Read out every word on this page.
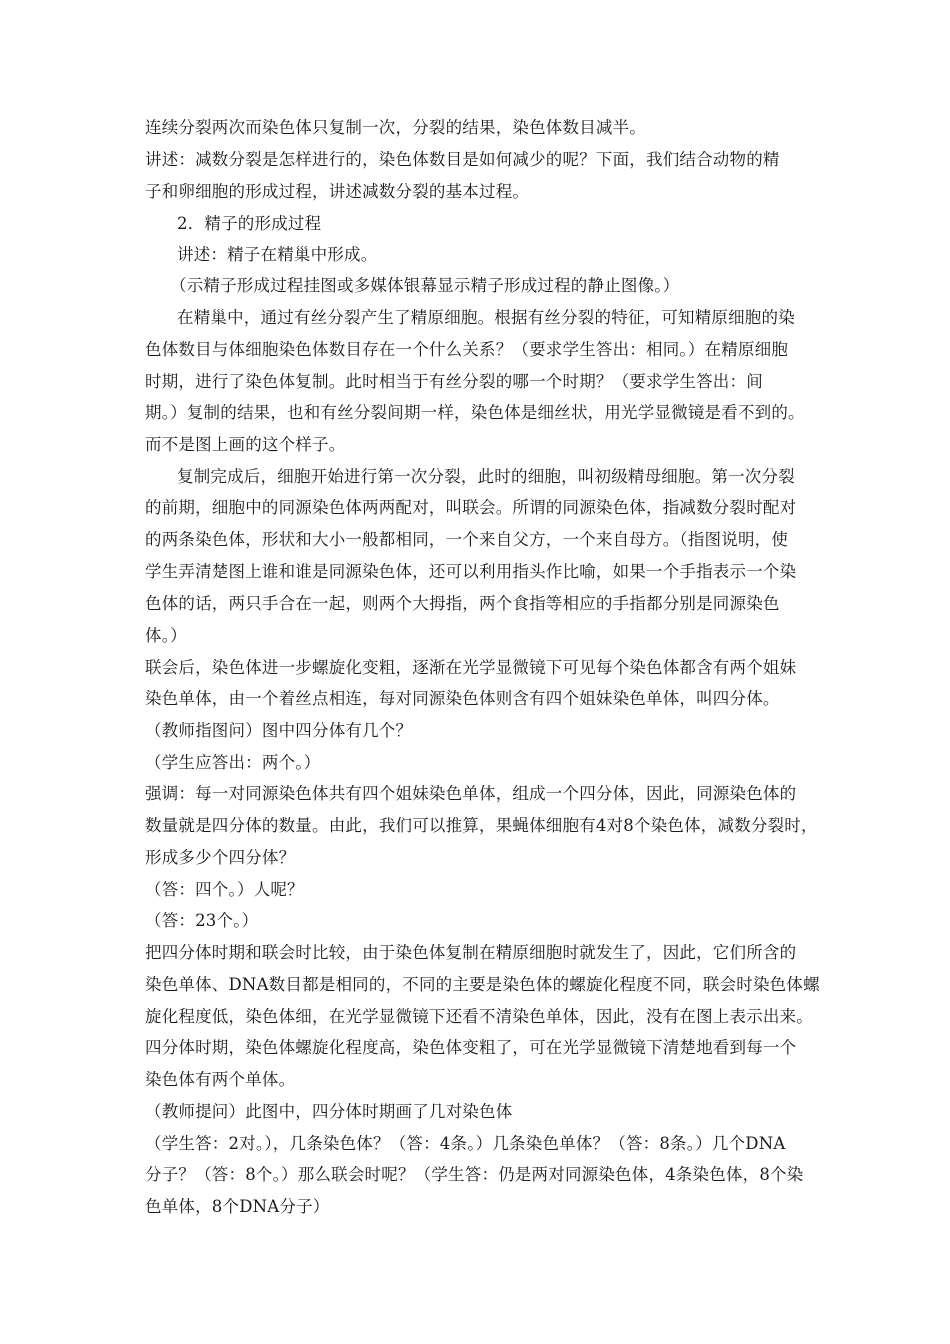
连续分裂两次而染色体只复制一次，分裂的结果，染色体数目减半。
讲述：减数分裂是怎样进行的，染色体数目是如何减少的呢？下面，我们结合动物的精
子和卵细胞的形成过程，讲述减数分裂的基本过程。
2．精子的形成过程
讲述：精子在精巢中形成。
（示精子形成过程挂图或多媒体银幕显示精子形成过程的静止图像。）
在精巢中，通过有丝分裂产生了精原细胞。根据有丝分裂的特征，可知精原细胞的染
色体数目与体细胞染色体数目存在一个什么关系？（要求学生答出：相同。）在精原细胞
时期，进行了染色体复制。此时相当于有丝分裂的哪一个时期？（要求学生答出：间
期。）复制的结果，也和有丝分裂间期一样，染色体是细丝状，用光学显微镜是看不到的。
而不是图上画的这个样子。
复制完成后，细胞开始进行第一次分裂，此时的细胞，叫初级精母细胞。第一次分裂
的前期，细胞中的同源染色体两两配对，叫联会。所谓的同源染色体，指减数分裂时配对
的两条染色体，形状和大小一般都相同，一个来自父方，一个来自母方。（指图说明，使
学生弄清楚图上谁和谁是同源染色体，还可以利用指头作比喻，如果一个手指表示一个染
色体的话，两只手合在一起，则两个大拇指，两个食指等相应的手指都分别是同源染色
体。）
联会后，染色体进一步螺旋化变粗，逐渐在光学显微镜下可见每个染色体都含有两个姐妹
染色单体，由一个着丝点相连，每对同源染色体则含有四个姐妹染色单体，叫四分体。
（教师指图问）图中四分体有几个？
（学生应答出：两个。）
强调：每一对同源染色体共有四个姐妹染色单体，组成一个四分体，因此，同源染色体的
数量就是四分体的数量。由此，我们可以推算，果蝇体细胞有4对8个染色体，减数分裂时，
形成多少个四分体？
（答：四个。）人呢？
（答：23个。）
把四分体时期和联会时比较，由于染色体复制在精原细胞时就发生了，因此，它们所含的
染色单体、DNA数目都是相同的，不同的主要是染色体的螺旋化程度不同，联会时染色体螺
旋化程度低，染色体细，在光学显微镜下还看不清染色单体，因此，没有在图上表示出来。
四分体时期，染色体螺旋化程度高，染色体变粗了，可在光学显微镜下清楚地看到每一个
染色体有两个单体。
（教师提问）此图中，四分体时期画了几对染色体
（学生答：2对。），几条染色体？（答：4条。）几条染色单体？（答：8条。）几个DNA
分子？（答：8个。）那么联会时呢？（学生答：仍是两对同源染色体，4条染色体，8个染
色单体，8个DNA分子）
